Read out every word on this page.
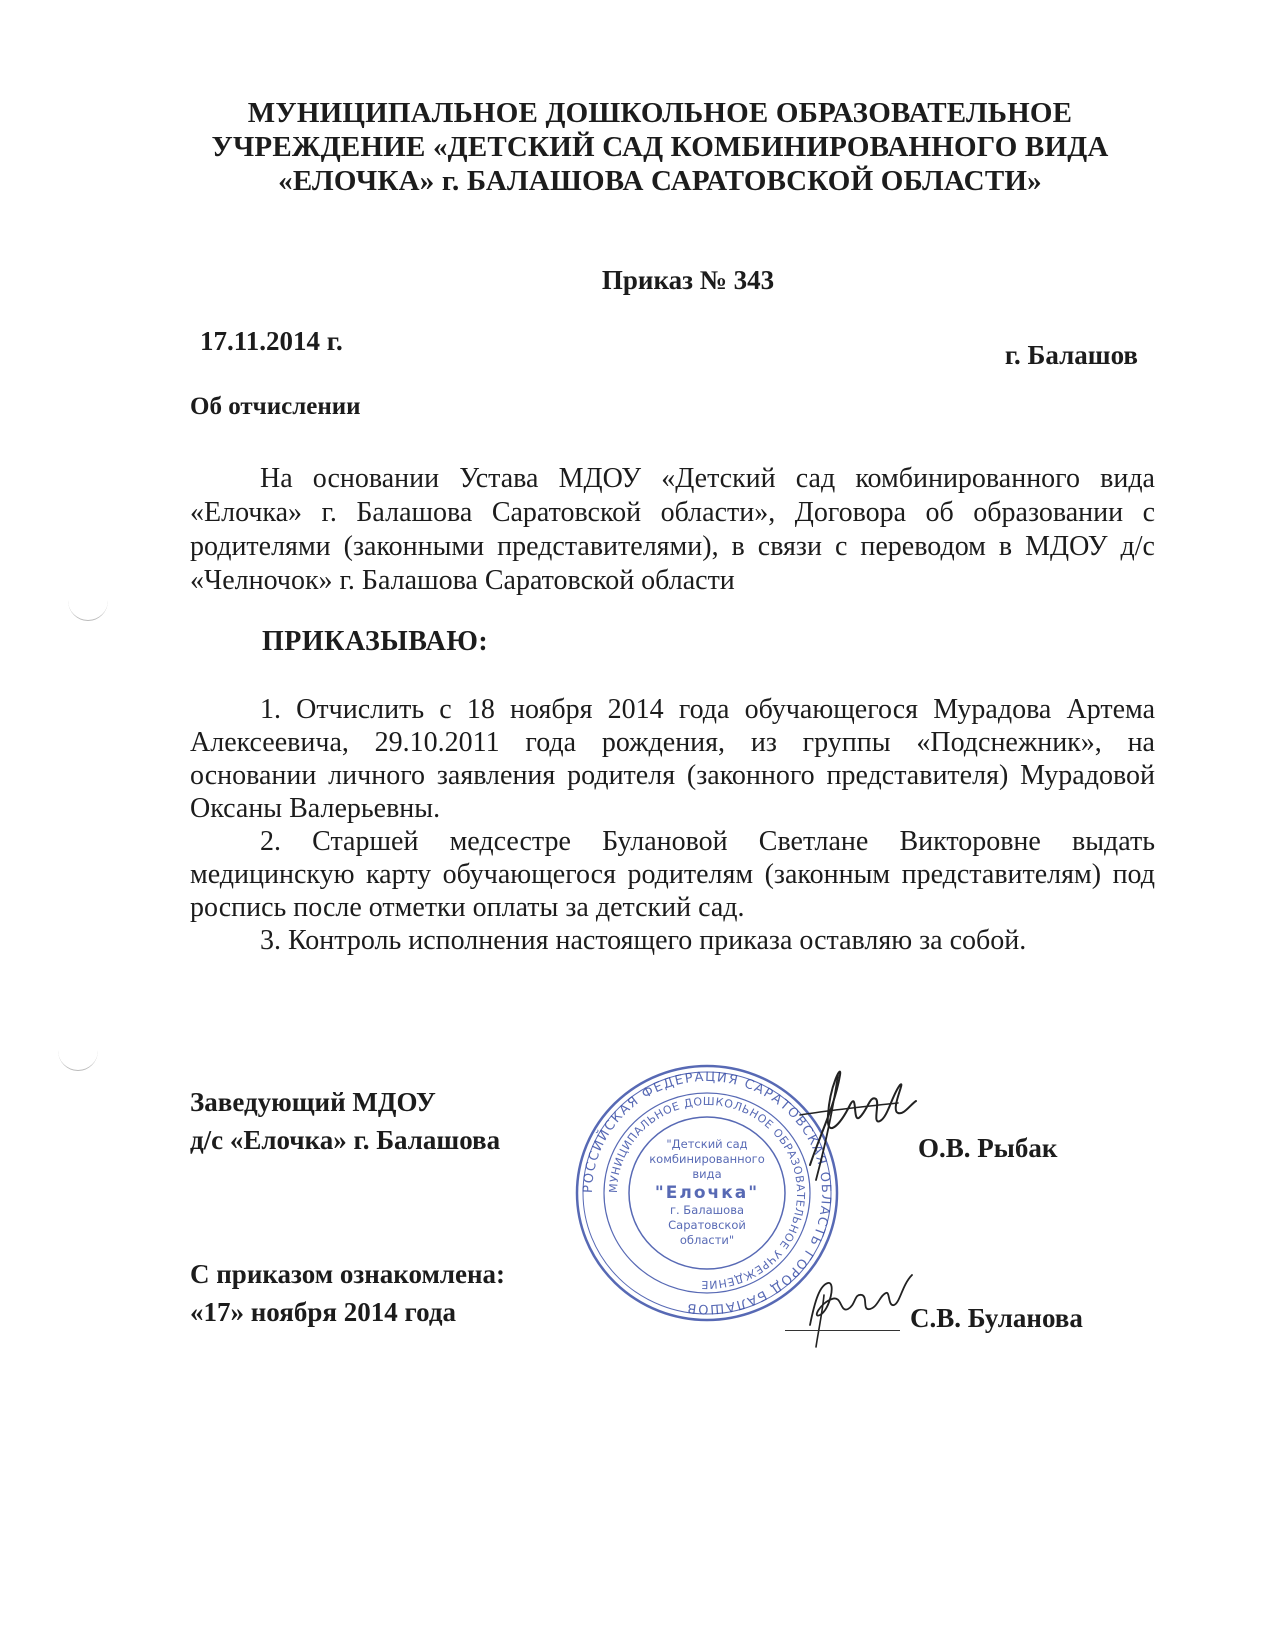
МУНИЦИПАЛЬНОЕ ДОШКОЛЬНОЕ ОБРАЗОВАТЕЛЬНОЕ
УЧРЕЖДЕНИЕ «ДЕТСКИЙ САД КОМБИНИРОВАННОГО ВИДА
«ЕЛОЧКА» г. БАЛАШОВА САРАТОВСКОЙ ОБЛАСТИ»
Приказ № 343
17.11.2014 г.	г. Балашов
Об отчислении

На основании Устава МДОУ «Детский сад комбинированного вида «Елочка» г. Балашова Саратовской области», Договора об образовании с родителями (законными представителями), в связи с переводом в МДОУ д/с «Челночок» г. Балашова Саратовской области

ПРИКАЗЫВАЮ:

1. Отчислить с 18 ноября 2014 года обучающегося Мурадова Артема Алексеевича, 29.10.2011 года рождения, из группы «Подснежник», на основании личного заявления родителя (законного представителя) Мурадовой Оксаны Валерьевны.

2. Старшей медсестре Булановой Светлане Викторовне выдать медицинскую карту обучающегося родителям (законным представителям) под роспись после отметки оплаты за детский сад.

3. Контроль исполнения настоящего приказа оставляю за собой.

Заведующий МДОУ
д/с «Елочка» г. Балашова
С приказом ознакомлена:
«17» ноября 2014 года
РОССИЙСКАЯ ФЕДЕРАЦИЯ САРАТОВСКАЯ ОБЛАСТЬ ГОРОД БАЛАШОВ
МУНИЦИПАЛЬНОЕ ДОШКОЛЬНОЕ ОБРАЗОВАТЕЛЬНОЕ УЧРЕЖДЕНИЕ
"Детский сад
комбинированного
вида
"Елочка"
г. Балашова
Саратовской
области"
О.В. Рыбак
С.В. Буланова
